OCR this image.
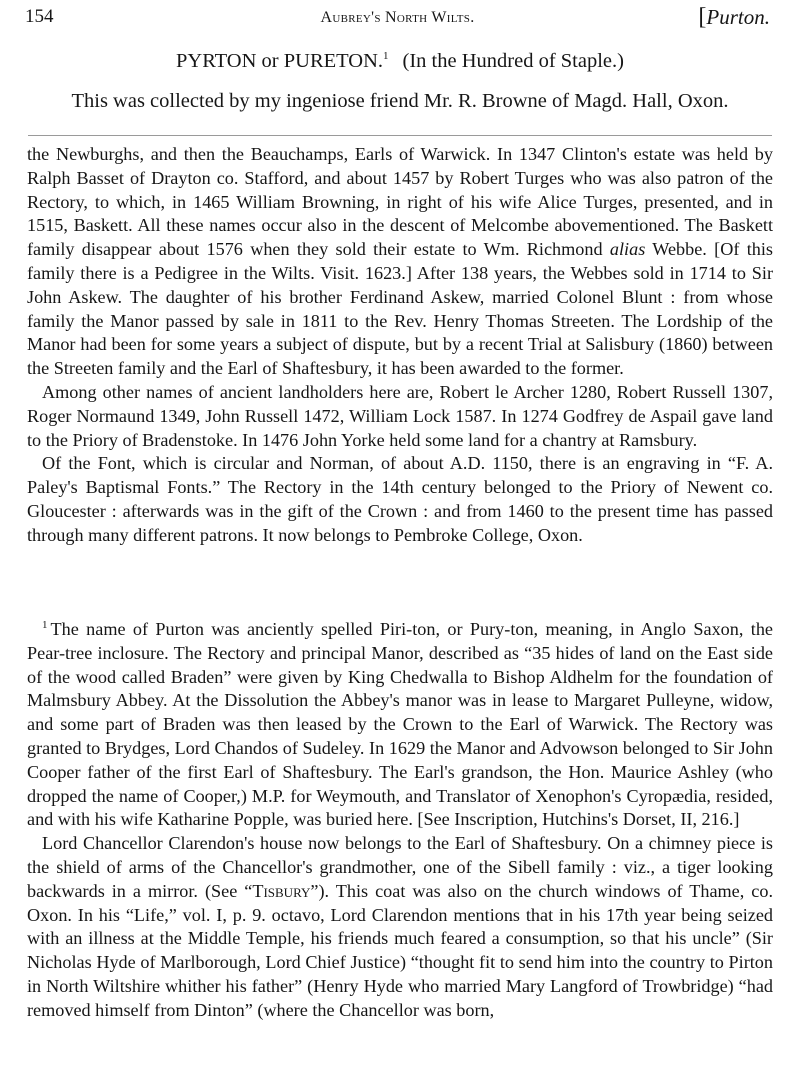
154	Aubrey's North Wilts.	[Purton.
PYRTON or PURETON.$^1$ (In the Hundred of Staple.)
This was collected by my ingeniose friend Mr. R. Browne of Magd. Hall, Oxon.

the Newburghs, and then the Beauchamps, Earls of Warwick. In 1347 Clinton's estate was held by Ralph Basset of Drayton co. Stafford, and about 1457 by Robert Turges who was also patron of the Rectory, to which, in 1465 William Browning, in right of his wife Alice Turges, presented, and in 1515, Baskett. All these names occur also in the descent of Melcombe abovementioned. The Baskett family disappear about 1576 when they sold their estate to Wm. Richmond alias Webbe. [Of this family there is a Pedigree in the Wilts. Visit. 1623.] After 138 years, the Webbes sold in 1714 to Sir John Askew. The daughter of his brother Ferdinand Askew, married Colonel Blunt : from whose family the Manor passed by sale in 1811 to the Rev. Henry Thomas Streeten. The Lordship of the Manor had been for some years a subject of dispute, but by a recent Trial at Salisbury (1860) between the Streeten family and the Earl of Shaftesbury, it has been awarded to the former.

Among other names of ancient landholders here are, Robert le Archer 1280, Robert Russell 1307, Roger Normaund 1349, John Russell 1472, William Lock 1587. In 1274 Godfrey de Aspail gave land to the Priory of Bradenstoke. In 1476 John Yorke held some land for a chantry at Ramsbury.

Of the Font, which is circular and Norman, of about A.D. 1150, there is an engraving in “F. A. Paley's Baptismal Fonts.” The Rectory in the 14th century belonged to the Priory of Newent co. Gloucester : afterwards was in the gift of the Crown : and from 1460 to the present time has passed through many different patrons. It now belongs to Pembroke College, Oxon.

$^1$ The name of Purton was anciently spelled Piri-ton, or Pury-ton, meaning, in Anglo Saxon, the Pear-tree inclosure. The Rectory and principal Manor, described as “35 hides of land on the East side of the wood called Braden” were given by King Chedwalla to Bishop Aldhelm for the foundation of Malmsbury Abbey. At the Dissolution the Abbey's manor was in lease to Margaret Pulleyne, widow, and some part of Braden was then leased by the Crown to the Earl of Warwick. The Rectory was granted to Brydges, Lord Chandos of Sudeley. In 1629 the Manor and Advowson belonged to Sir John Cooper father of the first Earl of Shaftesbury. The Earl's grandson, the Hon. Maurice Ashley (who dropped the name of Cooper,) M.P. for Weymouth, and Translator of Xenophon's Cyropædia, resided, and with his wife Katharine Popple, was buried here. [See Inscription, Hutchins's Dorset, II, 216.]

Lord Chancellor Clarendon's house now belongs to the Earl of Shaftesbury. On a chimney piece is the shield of arms of the Chancellor's grandmother, one of the Sibell family : viz., a tiger looking backwards in a mirror. (See “Tisbury”). This coat was also on the church windows of Thame, co. Oxon. In his “Life,” vol. I, p. 9. octavo, Lord Clarendon mentions that in his 17th year being seized with an illness at the Middle Temple, his friends much feared a consumption, so that his uncle” (Sir Nicholas Hyde of Marlborough, Lord Chief Justice) “thought fit to send him into the country to Pirton in North Wiltshire whither his father” (Henry Hyde who married Mary Langford of Trowbridge) “had removed himself from Dinton” (where the Chancellor was born,
